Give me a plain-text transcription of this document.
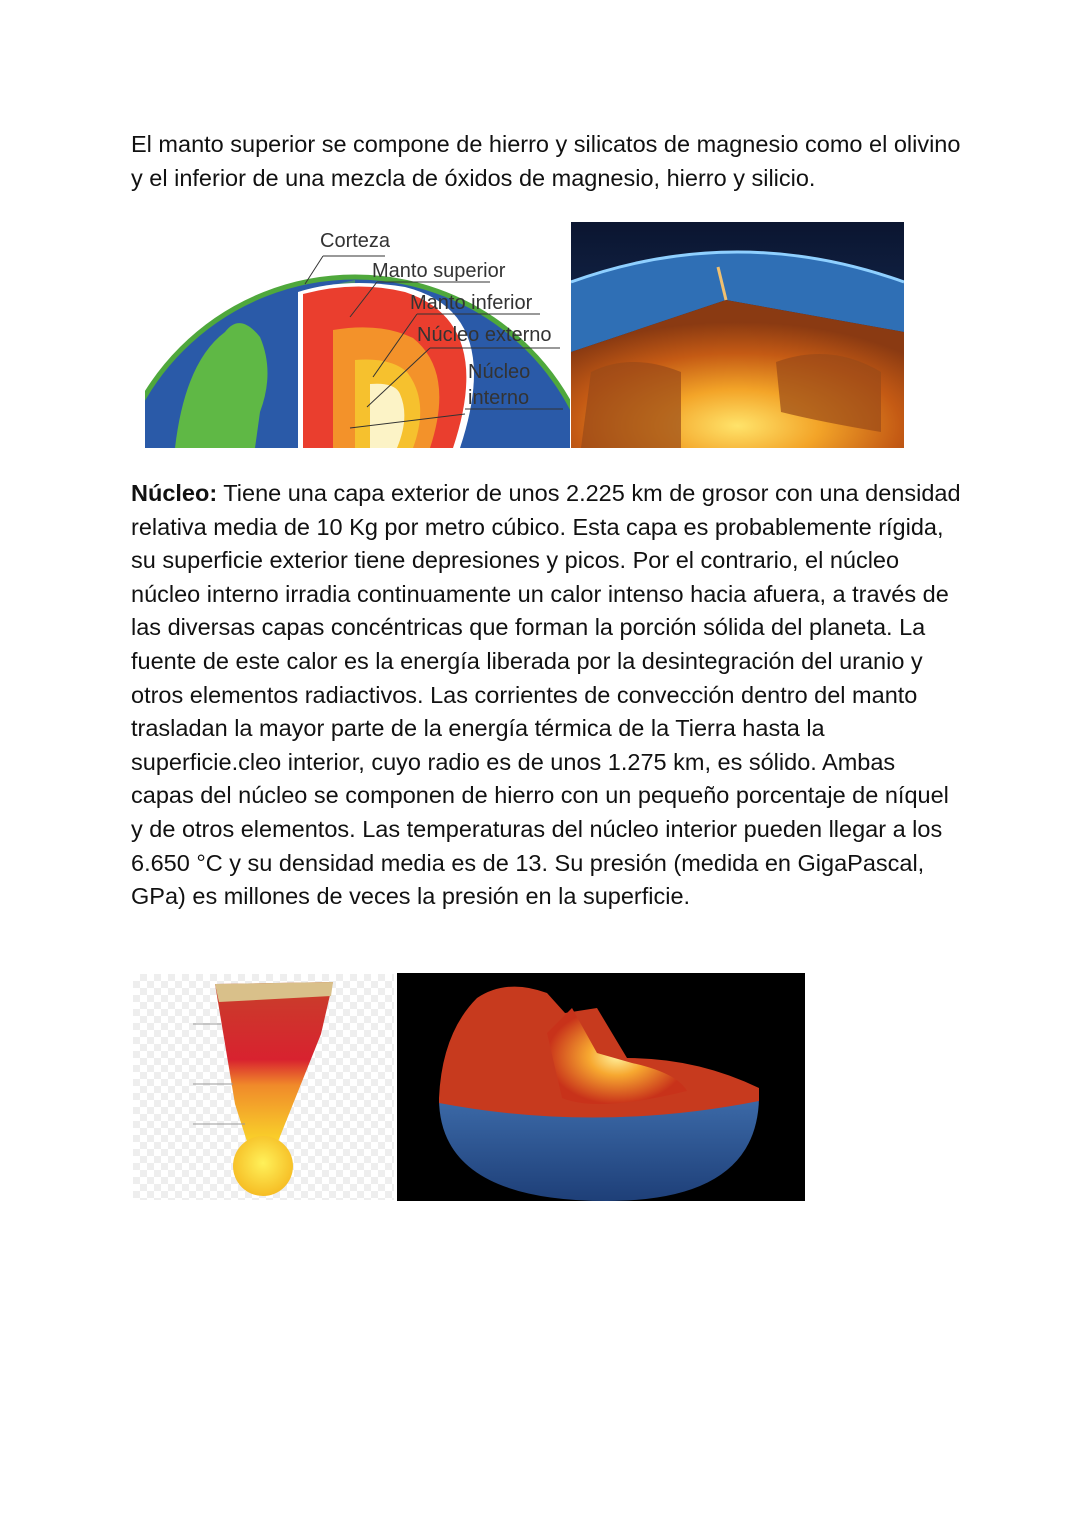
El manto superior se compone de hierro y silicatos de magnesio como el olivino y el inferior de una mezcla de óxidos de magnesio, hierro y silicio.

Corteza
Manto superior
Manto inferior
Núcleo externo
Núcleo
interno

Núcleo: Tiene una capa exterior de unos 2.225 km de grosor con una densidad relativa media de 10 Kg por metro cúbico. Esta capa es probablemente rígida, su superficie exterior tiene depresiones y picos. Por el contrario, el núcleo núcleo interno irradia continuamente un calor intenso hacia afuera, a través de las diversas capas concéntricas que forman la porción sólida del planeta. La fuente de este calor es la energía liberada por la desintegración del uranio y otros elementos radiactivos. Las corrientes de convección dentro del manto trasladan la mayor parte de la energía térmica de la Tierra hasta la superficie.cleo interior, cuyo radio es de unos 1.275 km, es sólido. Ambas capas del núcleo se componen de hierro con un pequeño porcentaje de níquel y de otros elementos. Las temperaturas del núcleo interior pueden llegar a los 6.650 °C y su densidad media es de 13. Su presión (medida en GigaPascal, GPa) es millones de veces la presión en la superficie.
